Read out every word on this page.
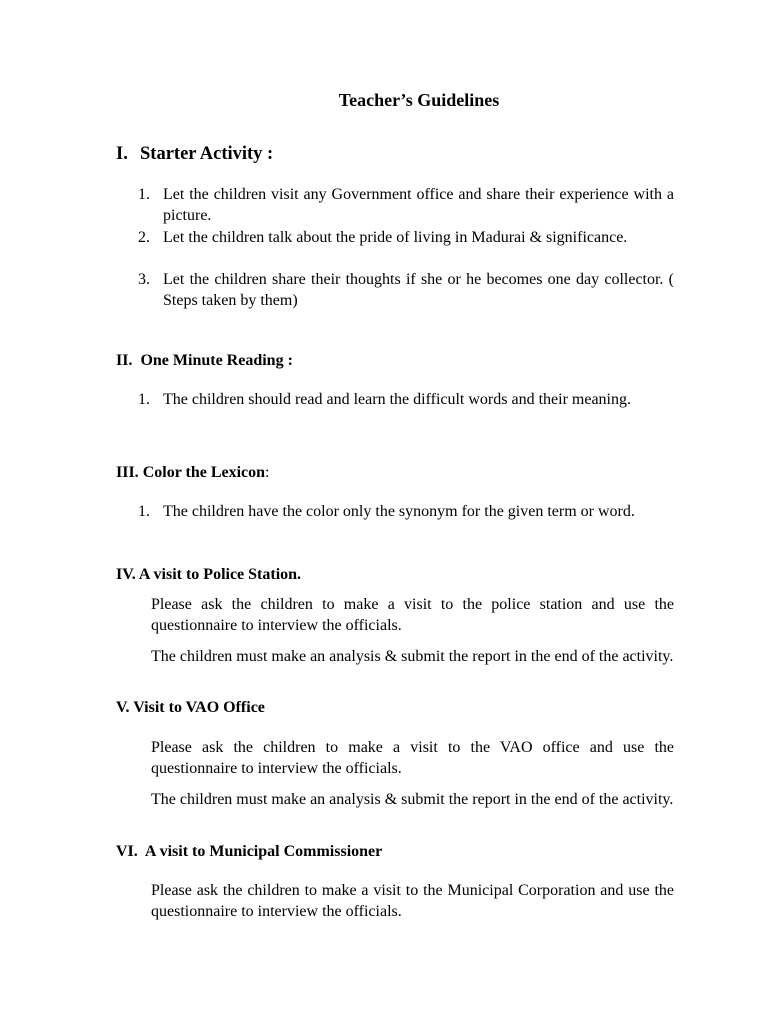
Teacher’s Guidelines
I. Starter Activity :
1. Let the children visit any Government office and share their experience with a picture.
2. Let the children talk about the pride of living in Madurai & significance.
3. Let the children share their thoughts if she or he becomes one day collector. ( Steps taken by them)
II. One Minute Reading :
1. The children should read and learn the difficult words and their meaning.
III. Color the Lexicon:
1. The children have the color only the synonym for the given term or word.
IV. A visit to Police Station.

Please ask the children to make a visit to the police station and use the questionnaire to interview the officials.

The children must make an analysis & submit the report in the end of the activity.

V. Visit to VAO Office

Please ask the children to make a visit to the VAO office and use the questionnaire to interview the officials.

The children must make an analysis & submit the report in the end of the activity.

VI. A visit to Municipal Commissioner

Please ask the children to make a visit to the Municipal Corporation and use the questionnaire to interview the officials.
